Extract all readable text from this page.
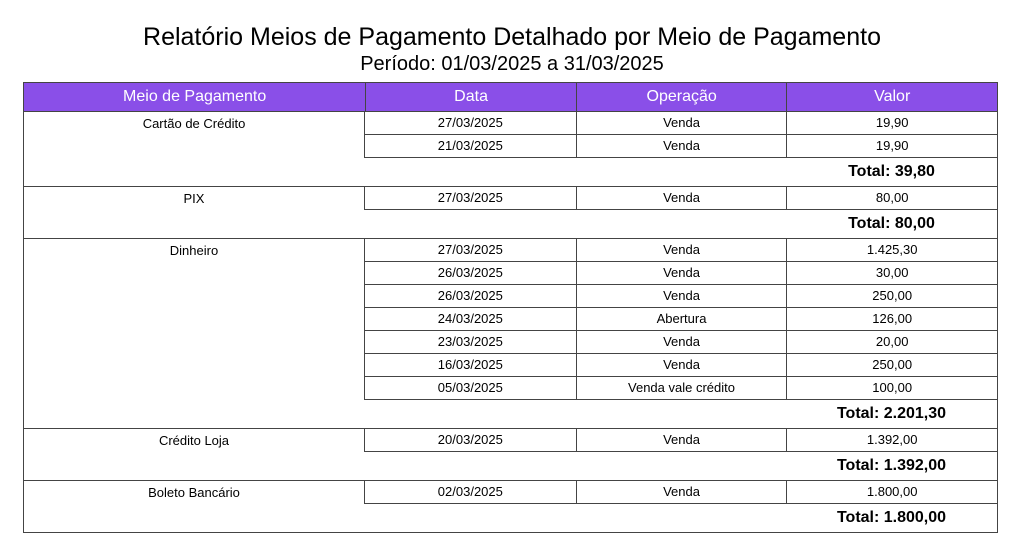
Relatório Meios de Pagamento Detalhado por Meio de Pagamento
Período: 01/03/2025 a 31/03/2025
Meio de Pagamento	Data	Operação	Valor
Cartão de Crédito	27/03/2025	Venda	19,90
21/03/2025	Venda	19,90
Total: 39,80
PIX	27/03/2025	Venda	80,00
Total: 80,00
Dinheiro	27/03/2025	Venda	1.425,30
26/03/2025	Venda	30,00
26/03/2025	Venda	250,00
24/03/2025	Abertura	126,00
23/03/2025	Venda	20,00
16/03/2025	Venda	250,00
05/03/2025	Venda vale crédito	100,00
Total: 2.201,30
Crédito Loja	20/03/2025	Venda	1.392,00
Total: 1.392,00
Boleto Bancário	02/03/2025	Venda	1.800,00
Total: 1.800,00
